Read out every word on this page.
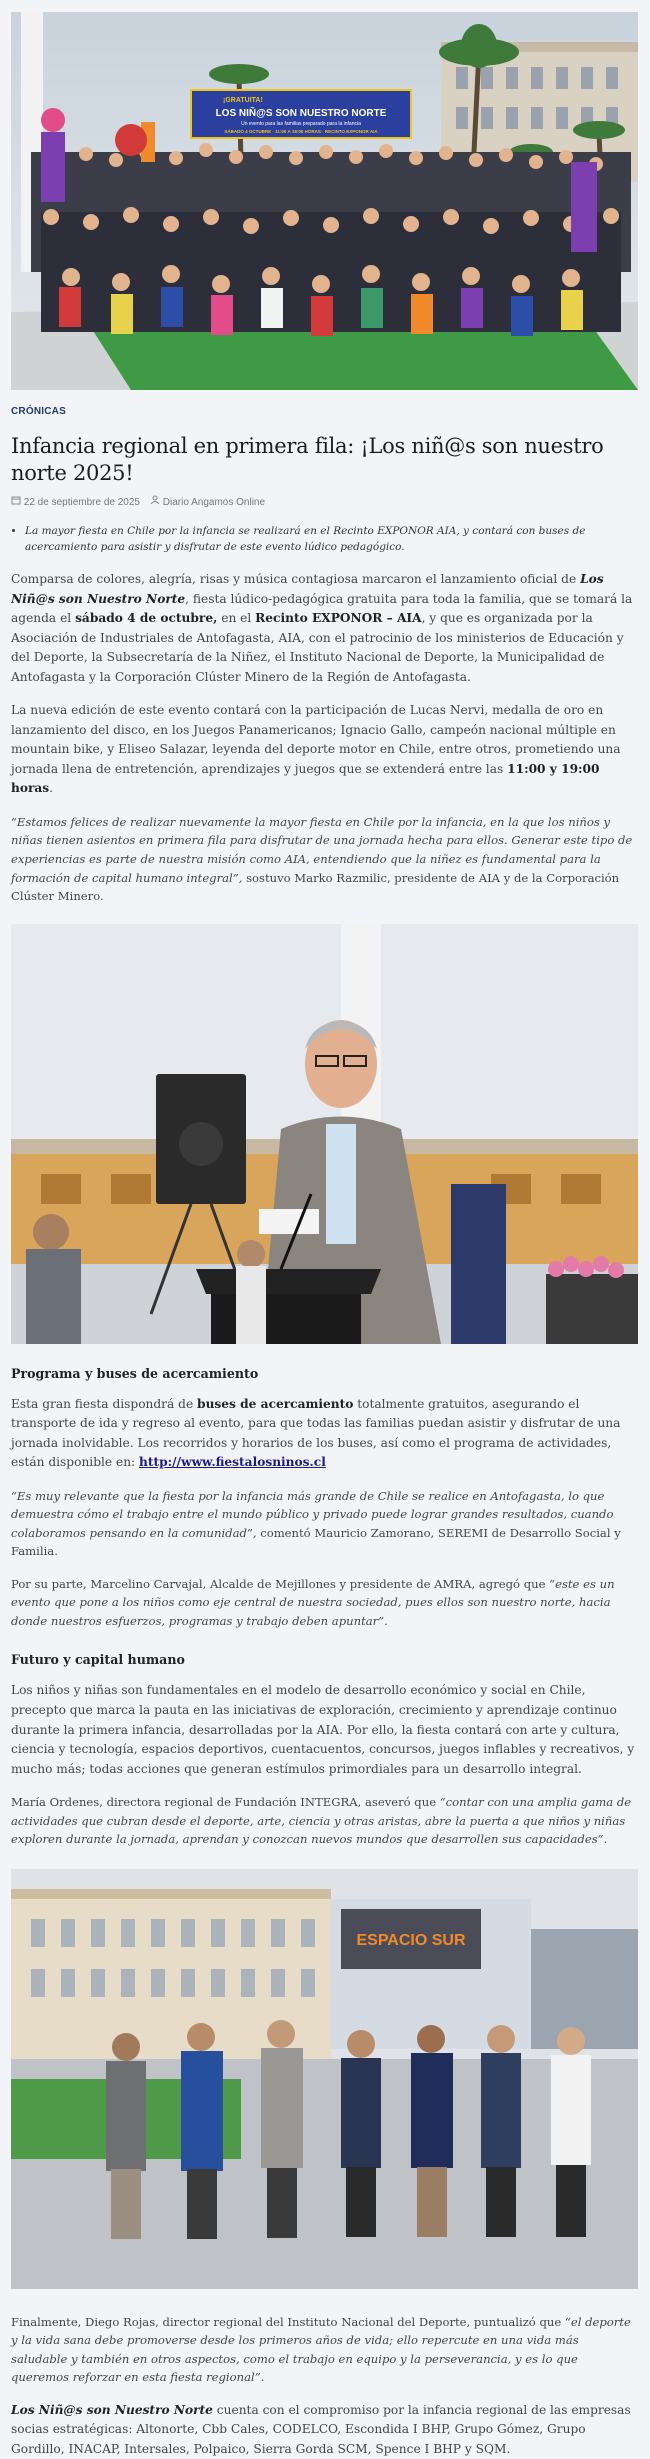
¡GRATUITA!
LOS NIÑ@S SON NUESTRO NORTE
Un evento para las familias preparado para la infancia
SÁBADO 4 OCTUBRE · 11:00 A 19:00 HORAS · RECINTO EXPONOR AIA
CRÓNICAS
Infancia regional en primera fila: ¡Los niñ@s son nuestro norte 2025!
22 de septiembre de 2025	Diario Angamos Online
• La mayor fiesta en Chile por la infancia se realizará en el Recinto EXPONOR AIA, y contará con buses de acercamiento para asistir y disfrutar de este evento lúdico pedagógico.

Comparsa de colores, alegría, risas y música contagiosa marcaron el lanzamiento oficial de Los Niñ@s son Nuestro Norte, fiesta lúdico-pedagógica gratuita para toda la familia, que se tomará la agenda el sábado 4 de octubre, en el Recinto EXPONOR – AIA, y que es organizada por la Asociación de Industriales de Antofagasta, AIA, con el patrocinio de los ministerios de Educación y del Deporte, la Subsecretaría de la Niñez, el Instituto Nacional de Deporte, la Municipalidad de Antofagasta y la Corporación Clúster Minero de la Región de Antofagasta.

La nueva edición de este evento contará con la participación de Lucas Nervi, medalla de oro en lanzamiento del disco, en los Juegos Panamericanos; Ignacio Gallo, campeón nacional múltiple en mountain bike, y Eliseo Salazar, leyenda del deporte motor en Chile, entre otros, prometiendo una jornada llena de entretención, aprendizajes y juegos que se extenderá entre las 11:00 y 19:00 horas.

“Estamos felices de realizar nuevamente la mayor fiesta en Chile por la infancia, en la que los niños y niñas tienen asientos en primera fila para disfrutar de una jornada hecha para ellos. Generar este tipo de experiencias es parte de nuestra misión como AIA, entendiendo que la niñez es fundamental para la formación de capital humano integral”, sostuvo Marko Razmilic, presidente de AIA y de la Corporación Clúster Minero.

Programa y buses de acercamiento

Esta gran fiesta dispondrá de buses de acercamiento totalmente gratuitos, asegurando el transporte de ida y regreso al evento, para que todas las familias puedan asistir y disfrutar de una jornada inolvidable. Los recorridos y horarios de los buses, así como el programa de actividades, están disponible en: http://www.fiestalosninos.cl

“Es muy relevante que la fiesta por la infancia más grande de Chile se realice en Antofagasta, lo que demuestra cómo el trabajo entre el mundo público y privado puede lograr grandes resultados, cuando colaboramos pensando en la comunidad”, comentó Mauricio Zamorano, SEREMI de Desarrollo Social y Familia.

Por su parte, Marcelino Carvajal, Alcalde de Mejillones y presidente de AMRA, agregó que “este es un evento que pone a los niños como eje central de nuestra sociedad, pues ellos son nuestro norte, hacia donde nuestros esfuerzos, programas y trabajo deben apuntar”.

Futuro y capital humano

Los niños y niñas son fundamentales en el modelo de desarrollo económico y social en Chile, precepto que marca la pauta en las iniciativas de exploración, crecimiento y aprendizaje continuo durante la primera infancia, desarrolladas por la AIA. Por ello, la fiesta contará con arte y cultura, ciencia y tecnología, espacios deportivos, cuentacuentos, concursos, juegos inflables y recreativos, y mucho más; todas acciones que generan estímulos primordiales para un desarrollo integral.

María Ordenes, directora regional de Fundación INTEGRA, aseveró que “contar con una amplia gama de actividades que cubran desde el deporte, arte, ciencia y otras aristas, abre la puerta a que niños y niñas exploren durante la jornada, aprendan y conozcan nuevos mundos que desarrollen sus capacidades”.

ESPACIO SUR

Finalmente, Diego Rojas, director regional del Instituto Nacional del Deporte, puntualizó que “el deporte y la vida sana debe promoverse desde los primeros años de vida; ello repercute en una vida más saludable y también en otros aspectos, como el trabajo en equipo y la perseverancia, y es lo que queremos reforzar en esta fiesta regional”.

Los Niñ@s son Nuestro Norte cuenta con el compromiso por la infancia regional de las empresas socias estratégicas: Altonorte, Cbb Cales, CODELCO, Escondida I BHP, Grupo Gómez, Grupo Gordillo, INACAP, Intersales, Polpaico, Sierra Gorda SCM, Spence I BHP y SQM.
